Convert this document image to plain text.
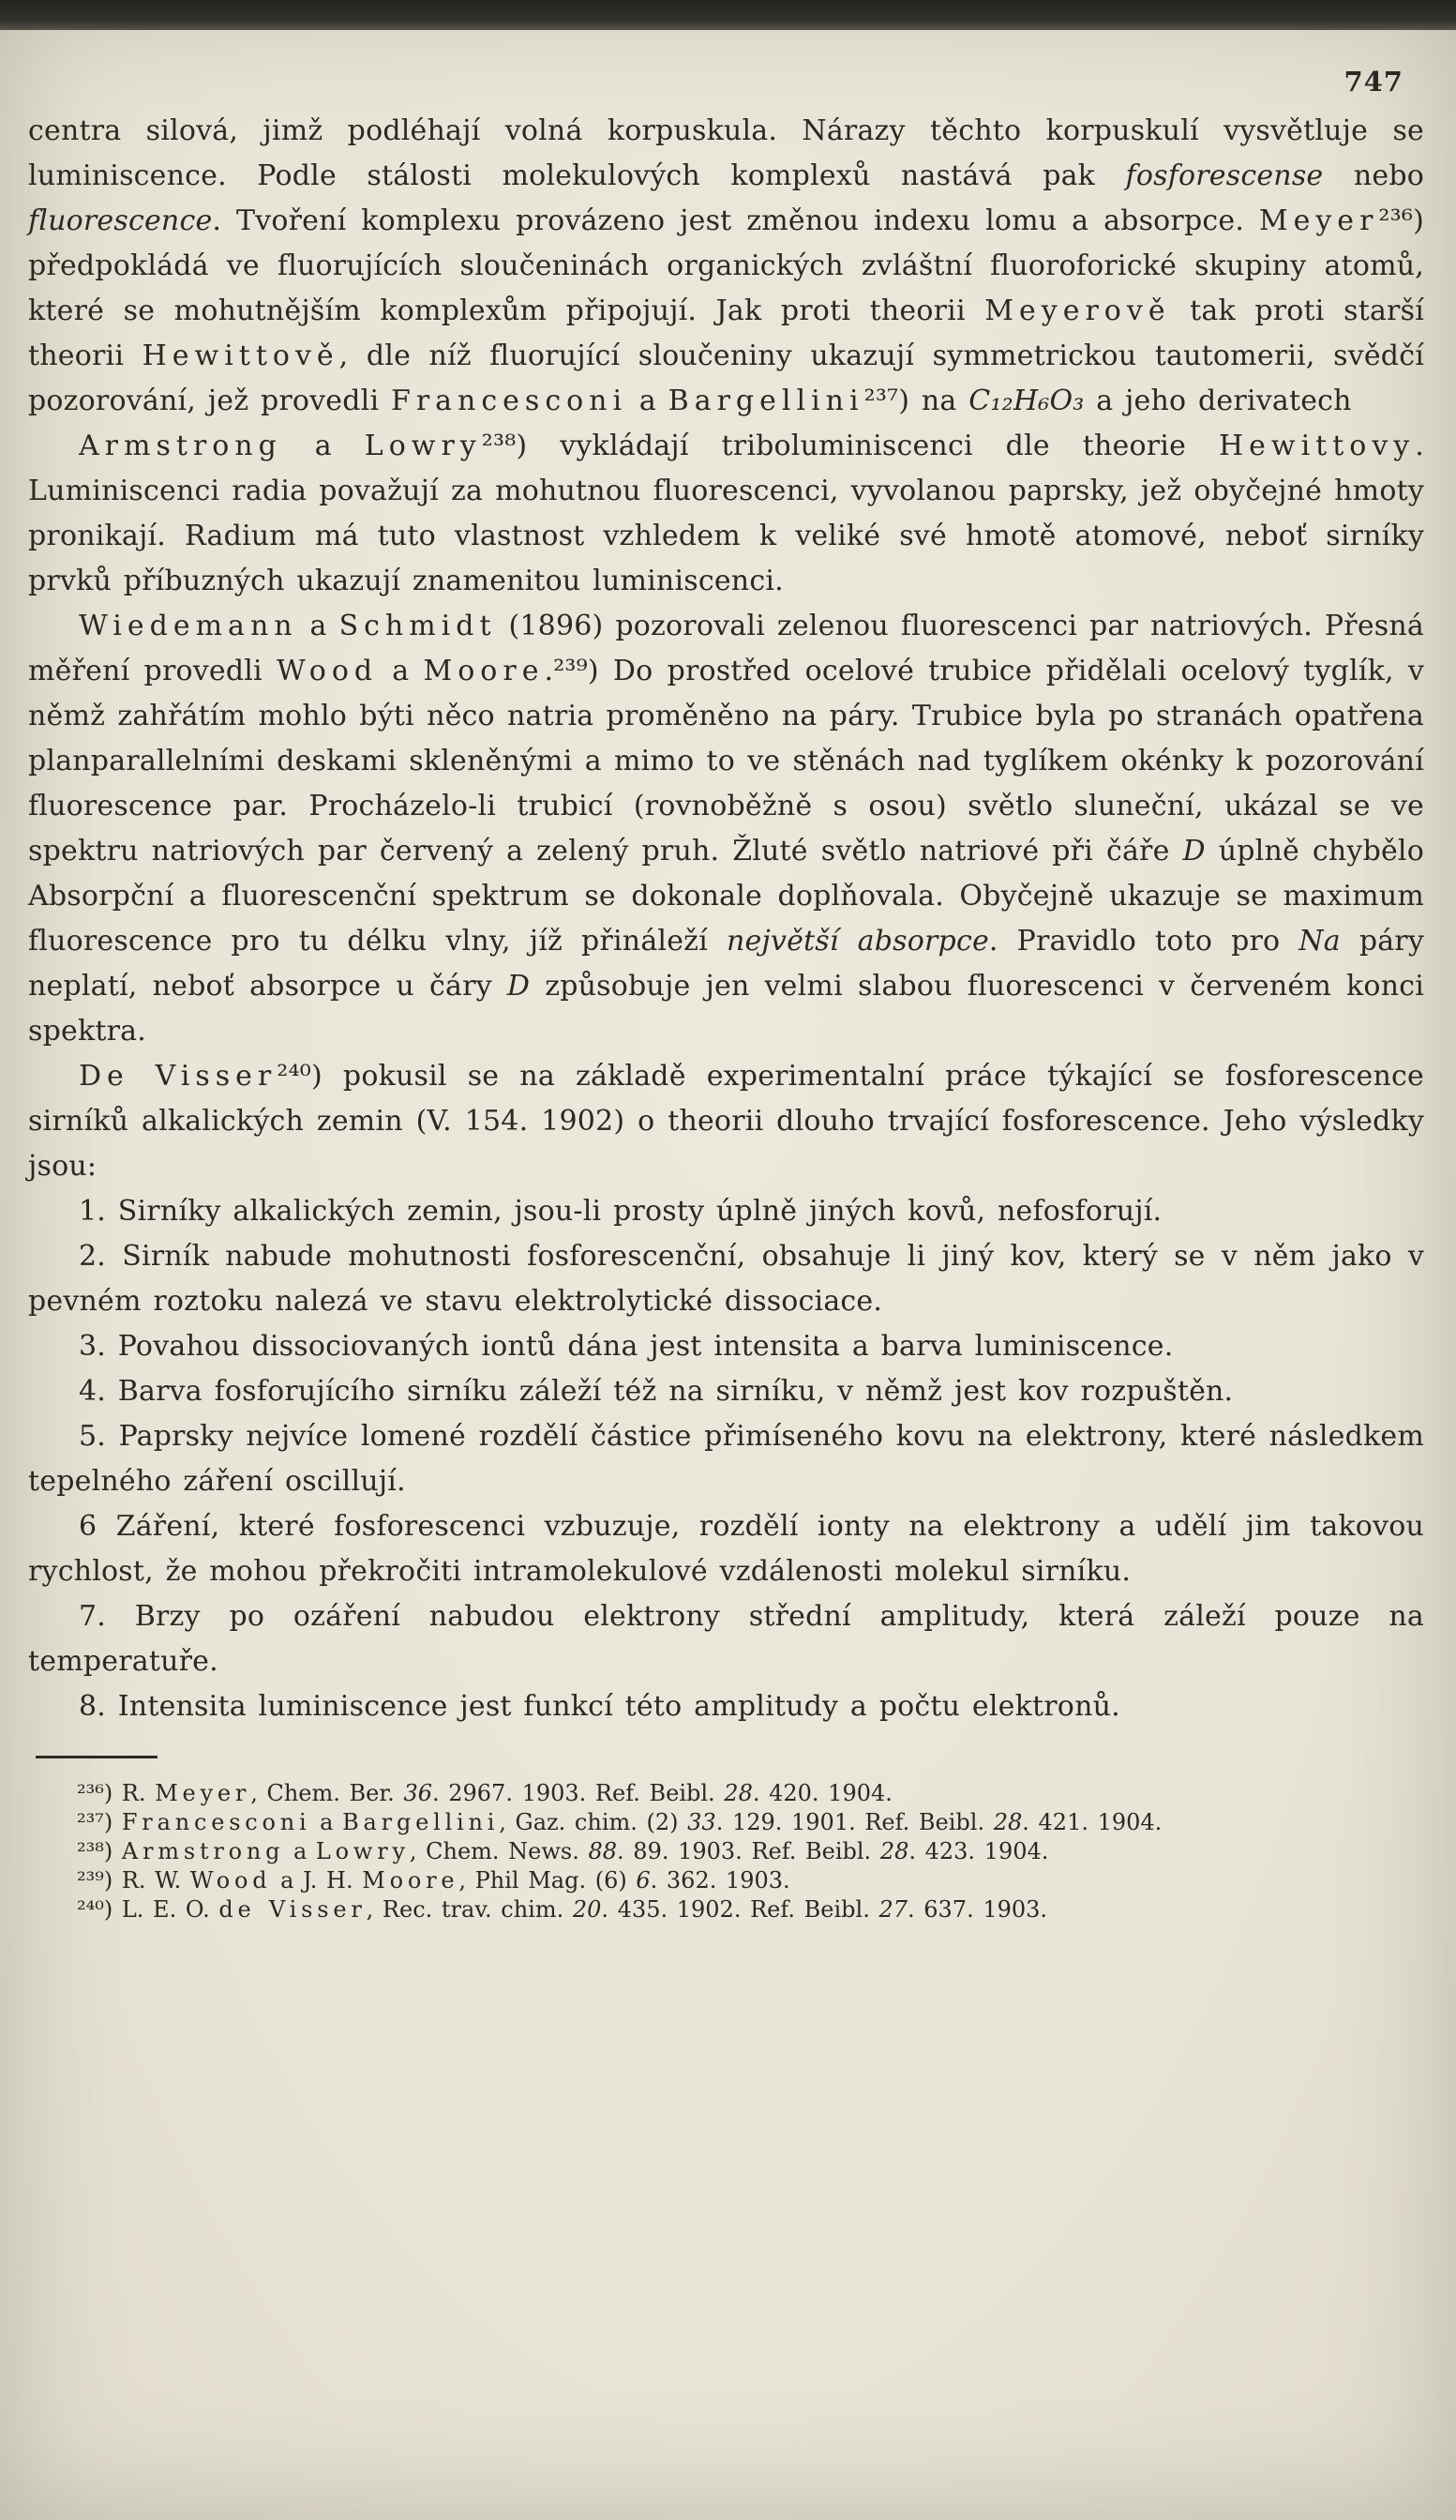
747

centra silová, jimž podléhají volná korpuskula. Nárazy těchto korpuskulí vysvětluje se luminiscence. Podle stálosti molekulových komplexů nastává pak fosforescense nebo fluorescence. Tvoření komplexu provázeno jest změnou indexu lomu a absorpce. Meyer²³⁶) předpokládá ve fluorujících sloučeninách organických zvláštní fluoroforické skupiny atomů, které se mohutnějším komplexům připojují. Jak proti theorii Meyerově tak proti starší theorii Hewittově, dle níž fluorující sloučeniny ukazují symmetrickou tautomerii, svědčí pozorování, jež provedli Francesconi a Bargellini²³⁷) na C₁₂H₆O₃ a jeho derivatech

Armstrong a Lowry²³⁸) vykládají triboluminiscenci dle theorie Hewittovy. Luminiscenci radia považují za mohutnou fluorescenci, vyvolanou paprsky, jež obyčejné hmoty pronikají. Radium má tuto vlastnost vzhledem k veliké své hmotě atomové, neboť sirníky prvků příbuzných ukazují znamenitou luminiscenci.

Wiedemann a Schmidt (1896) pozorovali zelenou fluorescenci par natriových. Přesná měření provedli Wood a Moore.²³⁹) Do prostřed ocelové trubice přidělali ocelový tyglík, v němž zahřátím mohlo býti něco natria proměněno na páry. Trubice byla po stranách opatřena planparallelními deskami skleněnými a mimo to ve stěnách nad tyglíkem okénky k pozorování fluorescence par. Procházelo-li trubicí (rovnoběžně s osou) světlo sluneční, ukázal se ve spektru natriových par červený a zelený pruh. Žluté světlo natriové při čáře D úplně chybělo Absorpční a fluorescenční spektrum se dokonale doplňovala. Obyčejně ukazuje se maximum fluorescence pro tu délku vlny, jíž přináleží největší absorpce. Pravidlo toto pro Na páry neplatí, neboť absorpce u čáry D způsobuje jen velmi slabou fluorescenci v červeném konci spektra.

De Visser²⁴⁰) pokusil se na základě experimentalní práce týkající se fosforescence sirníků alkalických zemin (V. 154. 1902) o theorii dlouho trvající fosforescence. Jeho výsledky jsou:

1. Sirníky alkalických zemin, jsou-li prosty úplně jiných kovů, nefosforují.

2. Sirník nabude mohutnosti fosforescenční, obsahuje li jiný kov, který se v něm jako v pevném roztoku nalezá ve stavu elektrolytické dissociace.

3. Povahou dissociovaných iontů dána jest intensita a barva luminiscence.

4. Barva fosforujícího sirníku záleží též na sirníku, v němž jest kov rozpuštěn.

5. Paprsky nejvíce lomené rozdělí částice přimíseného kovu na elektrony, které následkem tepelného záření oscillují.

6 Záření, které fosforescenci vzbuzuje, rozdělí ionty na elektrony a udělí jim takovou rychlost, že mohou překročiti intramolekulové vzdálenosti molekul sirníku.

7. Brzy po ozáření nabudou elektrony střední amplitudy, která záleží pouze na temperatuře.

8. Intensita luminiscence jest funkcí této amplitudy a počtu elektronů.

²³⁶) R. Meyer, Chem. Ber. 36. 2967. 1903. Ref. Beibl. 28. 420. 1904.

²³⁷) Francesconi a Bargellini, Gaz. chim. (2) 33. 129. 1901. Ref. Beibl. 28. 421. 1904.

²³⁸) Armstrong a Lowry, Chem. News. 88. 89. 1903. Ref. Beibl. 28. 423. 1904.

²³⁹) R. W. Wood a J. H. Moore, Phil Mag. (6) 6. 362. 1903.

²⁴⁰) L. E. O. de Visser, Rec. trav. chim. 20. 435. 1902. Ref. Beibl. 27. 637. 1903.
